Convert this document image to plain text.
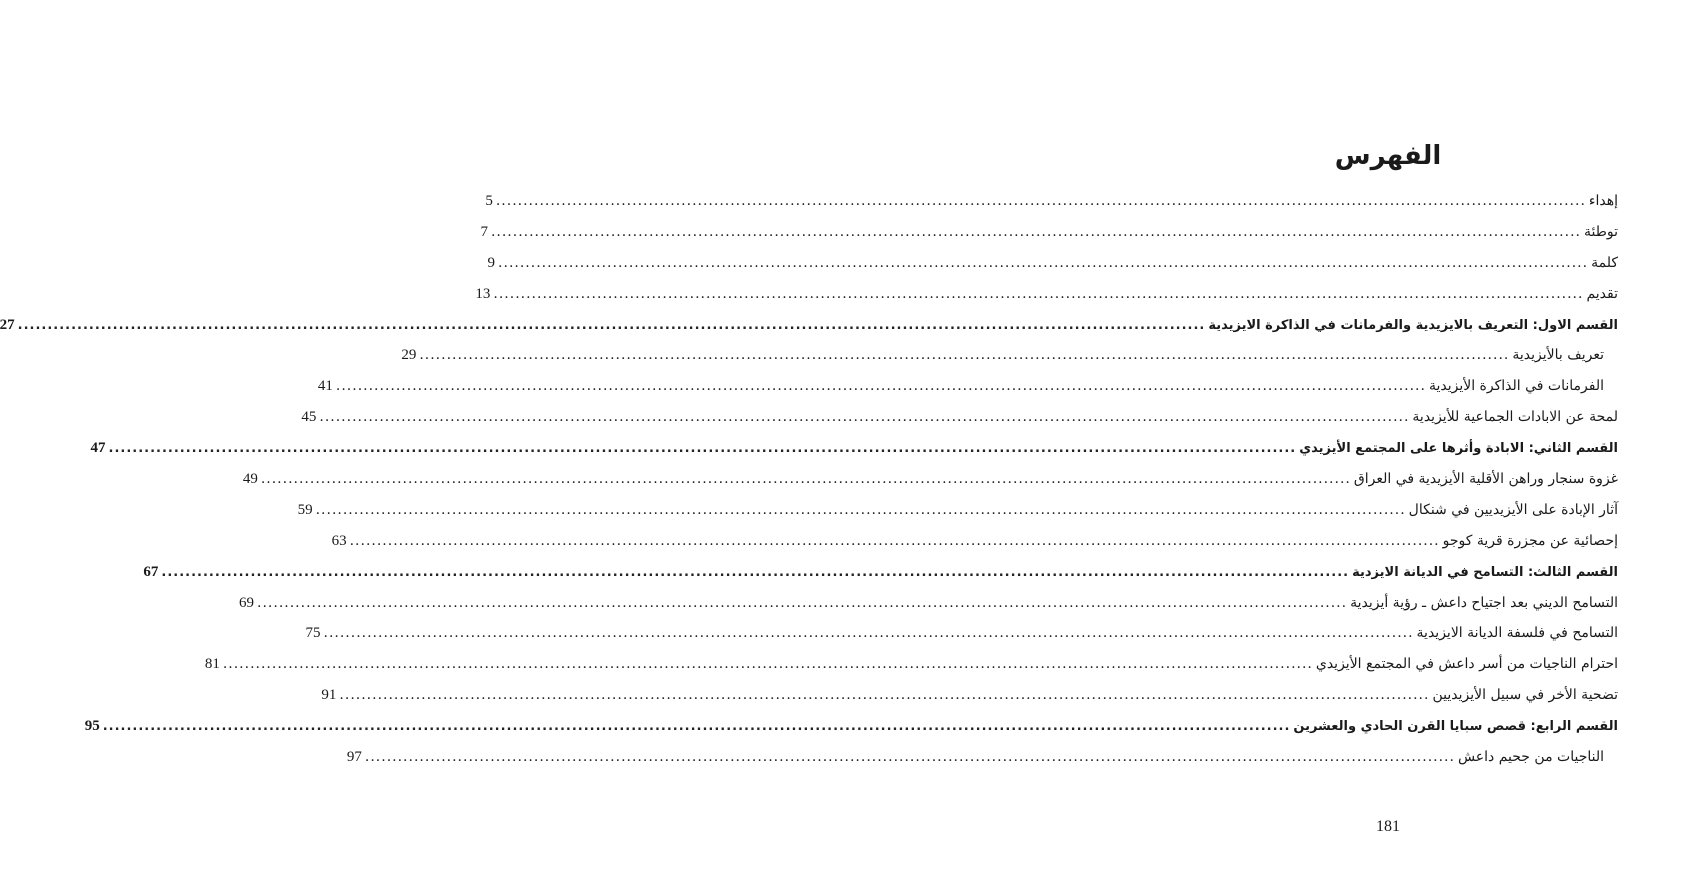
الفهرس
إهداء
........................................................................................................................................................................................................
5
توطئة
........................................................................................................................................................................................................
7
كلمة
........................................................................................................................................................................................................
9
تقديم
........................................................................................................................................................................................................
13
القسم الاول: التعريف بالايزيدية والفرمانات في الذاكرة الايزيدية
........................................................................................................................................................................................................
27
تعريف بالأيزيدية
........................................................................................................................................................................................................
29
الفرمانات في الذاكرة الأيزيدية
........................................................................................................................................................................................................
41
لمحة عن الابادات الجماعية للأيزيدية
........................................................................................................................................................................................................
45
القسم الثاني: الابادة وأثرها على المجتمع الأيزيدي
........................................................................................................................................................................................................
47
غزوة سنجار وراهن الأقلية الأيزيدية في العراق
........................................................................................................................................................................................................
49
آثار الإبادة على الأيزيديين في شنكال
........................................................................................................................................................................................................
59
إحصائية عن مجزرة قرية كوجو
........................................................................................................................................................................................................
63
القسم الثالث: التسامح في الديانة الايزدية
........................................................................................................................................................................................................
67
التسامح الديني بعد اجتياح داعش ـ رؤية أيزيدية
........................................................................................................................................................................................................
69
التسامح في فلسفة الديانة الايزيدية
........................................................................................................................................................................................................
75
احترام الناجيات من أسر داعش في المجتمع الأيزيدي
........................................................................................................................................................................................................
81
تضحية الأخر في سبيل الأيزيديين
........................................................................................................................................................................................................
91
القسم الرابع: قصص سبايا القرن الحادي والعشرين
........................................................................................................................................................................................................
95
الناجيات من جحيم داعش
........................................................................................................................................................................................................
97
181
